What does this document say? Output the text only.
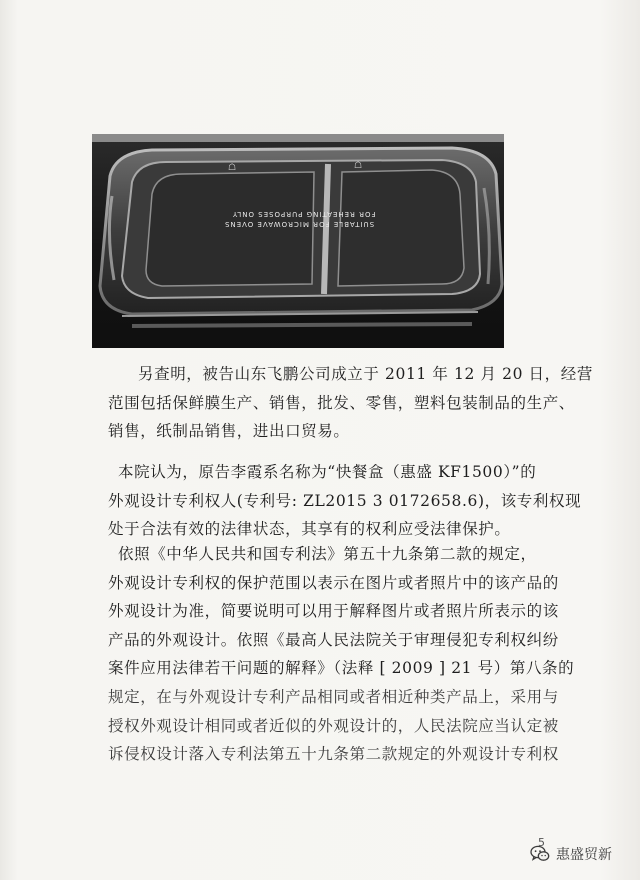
☖	☖
FOR REHEATING PURPOSES ONLY
SUITABLE FOR MICROWAVE OVENS
另查明，被告山东飞鹏公司成立于 2011 年 12 月 20 日，经营
范围包括保鲜膜生产、销售，批发、零售，塑料包装制品的生产、
销售，纸制品销售，进出口贸易。
本院认为，原告李霞系名称为“快餐盒（惠盛 KF1500）”的
外观设计专利权人(专利号: ZL2015 3 0172658.6)，该专利权现
处于合法有效的法律状态，其享有的权利应受法律保护。
依照《中华人民共和国专利法》第五十九条第二款的规定，
外观设计专利权的保护范围以表示在图片或者照片中的该产品的
外观设计为准，简要说明可以用于解释图片或者照片所表示的该
产品的外观设计。依照《最高人民法院关于审理侵犯专利权纠纷
案件应用法律若干问题的解释》（法释 [ 2009 ] 21 号）第八条的
规定，在与外观设计专利产品相同或者相近种类产品上，采用与
授权外观设计相同或者近似的外观设计的，人民法院应当认定被
诉侵权设计落入专利法第五十九条第二款规定的外观设计专利权
5
惠盛贸新
